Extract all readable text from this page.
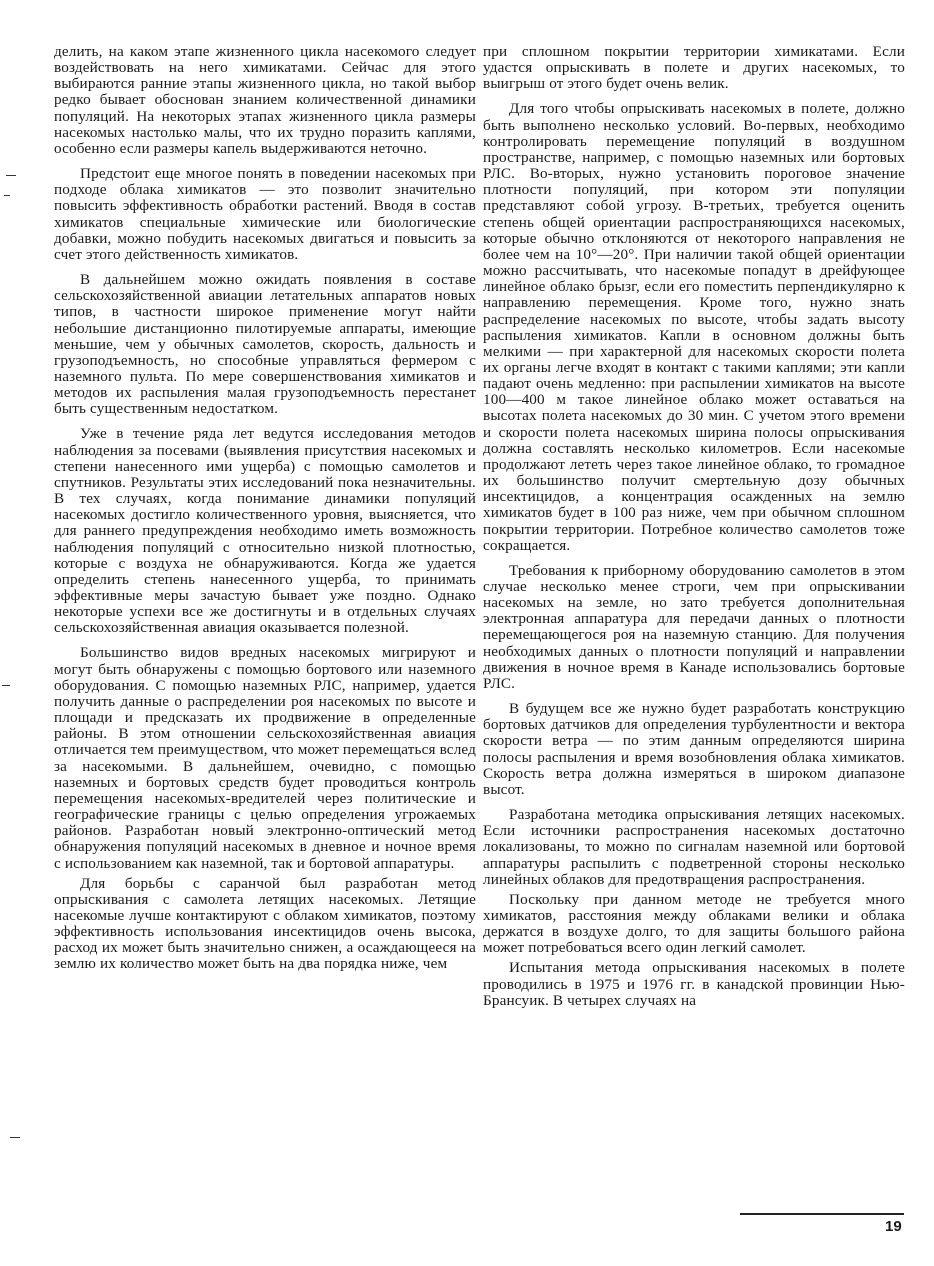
делить, на каком этапе жизненного цикла насекомого следует воздействовать на него химикатами. Сейчас для этого выбираются ранние этапы жизненного цикла, но такой выбор редко бывает обоснован знанием количественной динамики популяций. На некоторых этапах жизненного цикла размеры насекомых настолько малы, что их трудно поразить каплями, особенно если размеры капель выдерживаются неточно.

Предстоит еще многое понять в поведении насекомых при подходе облака химикатов — это позволит значительно повысить эффективность обработки растений. Вводя в состав химикатов специальные химические или биологические добавки, можно побудить насекомых двигаться и повысить за счет этого действенность химикатов.

В дальнейшем можно ожидать появления в составе сельскохозяйственной авиации летательных аппаратов новых типов, в частности широкое применение могут найти небольшие дистанционно пилотируемые аппараты, имеющие меньшие, чем у обычных самолетов, скорость, дальность и грузоподъемность, но способные управляться фермером с наземного пульта. По мере совершенствования химикатов и методов их распыления малая грузоподъемность перестанет быть существенным недостатком.

Уже в течение ряда лет ведутся исследования методов наблюдения за посевами (выявления присутствия насекомых и степени нанесенного ими ущерба) с помощью самолетов и спутников. Результаты этих исследований пока незначительны. В тех случаях, когда понимание динамики популяций насекомых достигло количественного уровня, выясняется, что для раннего предупреждения необходимо иметь возможность наблюдения популяций с относительно низкой плотностью, которые с воздуха не обнаруживаются. Когда же удается определить степень нанесенного ущерба, то принимать эффективные меры зачастую бывает уже поздно. Однако некоторые успехи все же достигнуты и в отдельных случаях сельскохозяйственная авиация оказывается полезной.

Большинство видов вредных насекомых мигрируют и могут быть обнаружены с помощью бортового или наземного оборудования. С помощью наземных РЛС, например, удается получить данные о распределении роя насекомых по высоте и площади и предсказать их продвижение в определенные районы. В этом отношении сельскохозяйственная авиация отличается тем преимуществом, что может перемещаться вслед за насекомыми. В дальнейшем, очевидно, с помощью наземных и бортовых средств будет проводиться контроль перемещения насекомых-вредителей через политические и географические границы с целью определения угрожаемых районов. Разработан новый электронно-оптический метод обнаружения популяций насекомых в дневное и ночное время с использованием как наземной, так и бортовой аппаратуры.

Для борьбы с саранчой был разработан метод опрыскивания с самолета летящих насекомых. Летящие насекомые лучше контактируют с облаком химикатов, поэтому эффективность использования инсектицидов очень высока, расход их может быть значительно снижен, а осаждающееся на землю их количество может быть на два порядка ниже, чем

при сплошном покрытии территории химикатами. Если удастся опрыскивать в полете и других насекомых, то выигрыш от этого будет очень велик.

Для того чтобы опрыскивать насекомых в полете, должно быть выполнено несколько условий. Во-первых, необходимо контролировать перемещение популяций в воздушном пространстве, например, с помощью наземных или бортовых РЛС. Во-вторых, нужно установить пороговое значение плотности популяций, при котором эти популяции представляют собой угрозу. В-третьих, требуется оценить степень общей ориентации распространяющихся насекомых, которые обычно отклоняются от некоторого направления не более чем на 10°—20°. При наличии такой общей ориентации можно рассчитывать, что насекомые попадут в дрейфующее линейное облако брызг, если его поместить перпендикулярно к направлению перемещения. Кроме того, нужно знать распределение насекомых по высоте, чтобы задать высоту распыления химикатов. Капли в основном должны быть мелкими — при характерной для насекомых скорости полета их органы легче входят в контакт с такими каплями; эти капли падают очень медленно: при распылении химикатов на высоте 100—400 м такое линейное облако может оставаться на высотах полета насекомых до 30 мин. С учетом этого времени и скорости полета насекомых ширина полосы опрыскивания должна составлять несколько километров. Если насекомые продолжают лететь через такое линейное облако, то громадное их большинство получит смертельную дозу обычных инсектицидов, а концентрация осажденных на землю химикатов будет в 100 раз ниже, чем при обычном сплошном покрытии территории. Потребное количество самолетов тоже сокращается.

Требования к приборному оборудованию самолетов в этом случае несколько менее строги, чем при опрыскивании насекомых на земле, но зато требуется дополнительная электронная аппаратура для передачи данных о плотности перемещающегося роя на наземную станцию. Для получения необходимых данных о плотности популяций и направлении движения в ночное время в Канаде использовались бортовые РЛС.

В будущем все же нужно будет разработать конструкцию бортовых датчиков для определения турбулентности и вектора скорости ветра — по этим данным определяются ширина полосы распыления и время возобновления облака химикатов. Скорость ветра должна измеряться в широком диапазоне высот.

Разработана методика опрыскивания летящих насекомых. Если источники распространения насекомых достаточно локализованы, то можно по сигналам наземной или бортовой аппаратуры распылить с подветренной стороны несколько линейных облаков для предотвращения распространения.

Поскольку при данном методе не требуется много химикатов, расстояния между облаками велики и облака держатся в воздухе долго, то для защиты большого района может потребоваться всего один легкий самолет.

Испытания метода опрыскивания насекомых в полете проводились в 1975 и 1976 гг. в канадской провинции Нью-Брансуик. В четырех случаях на

19
